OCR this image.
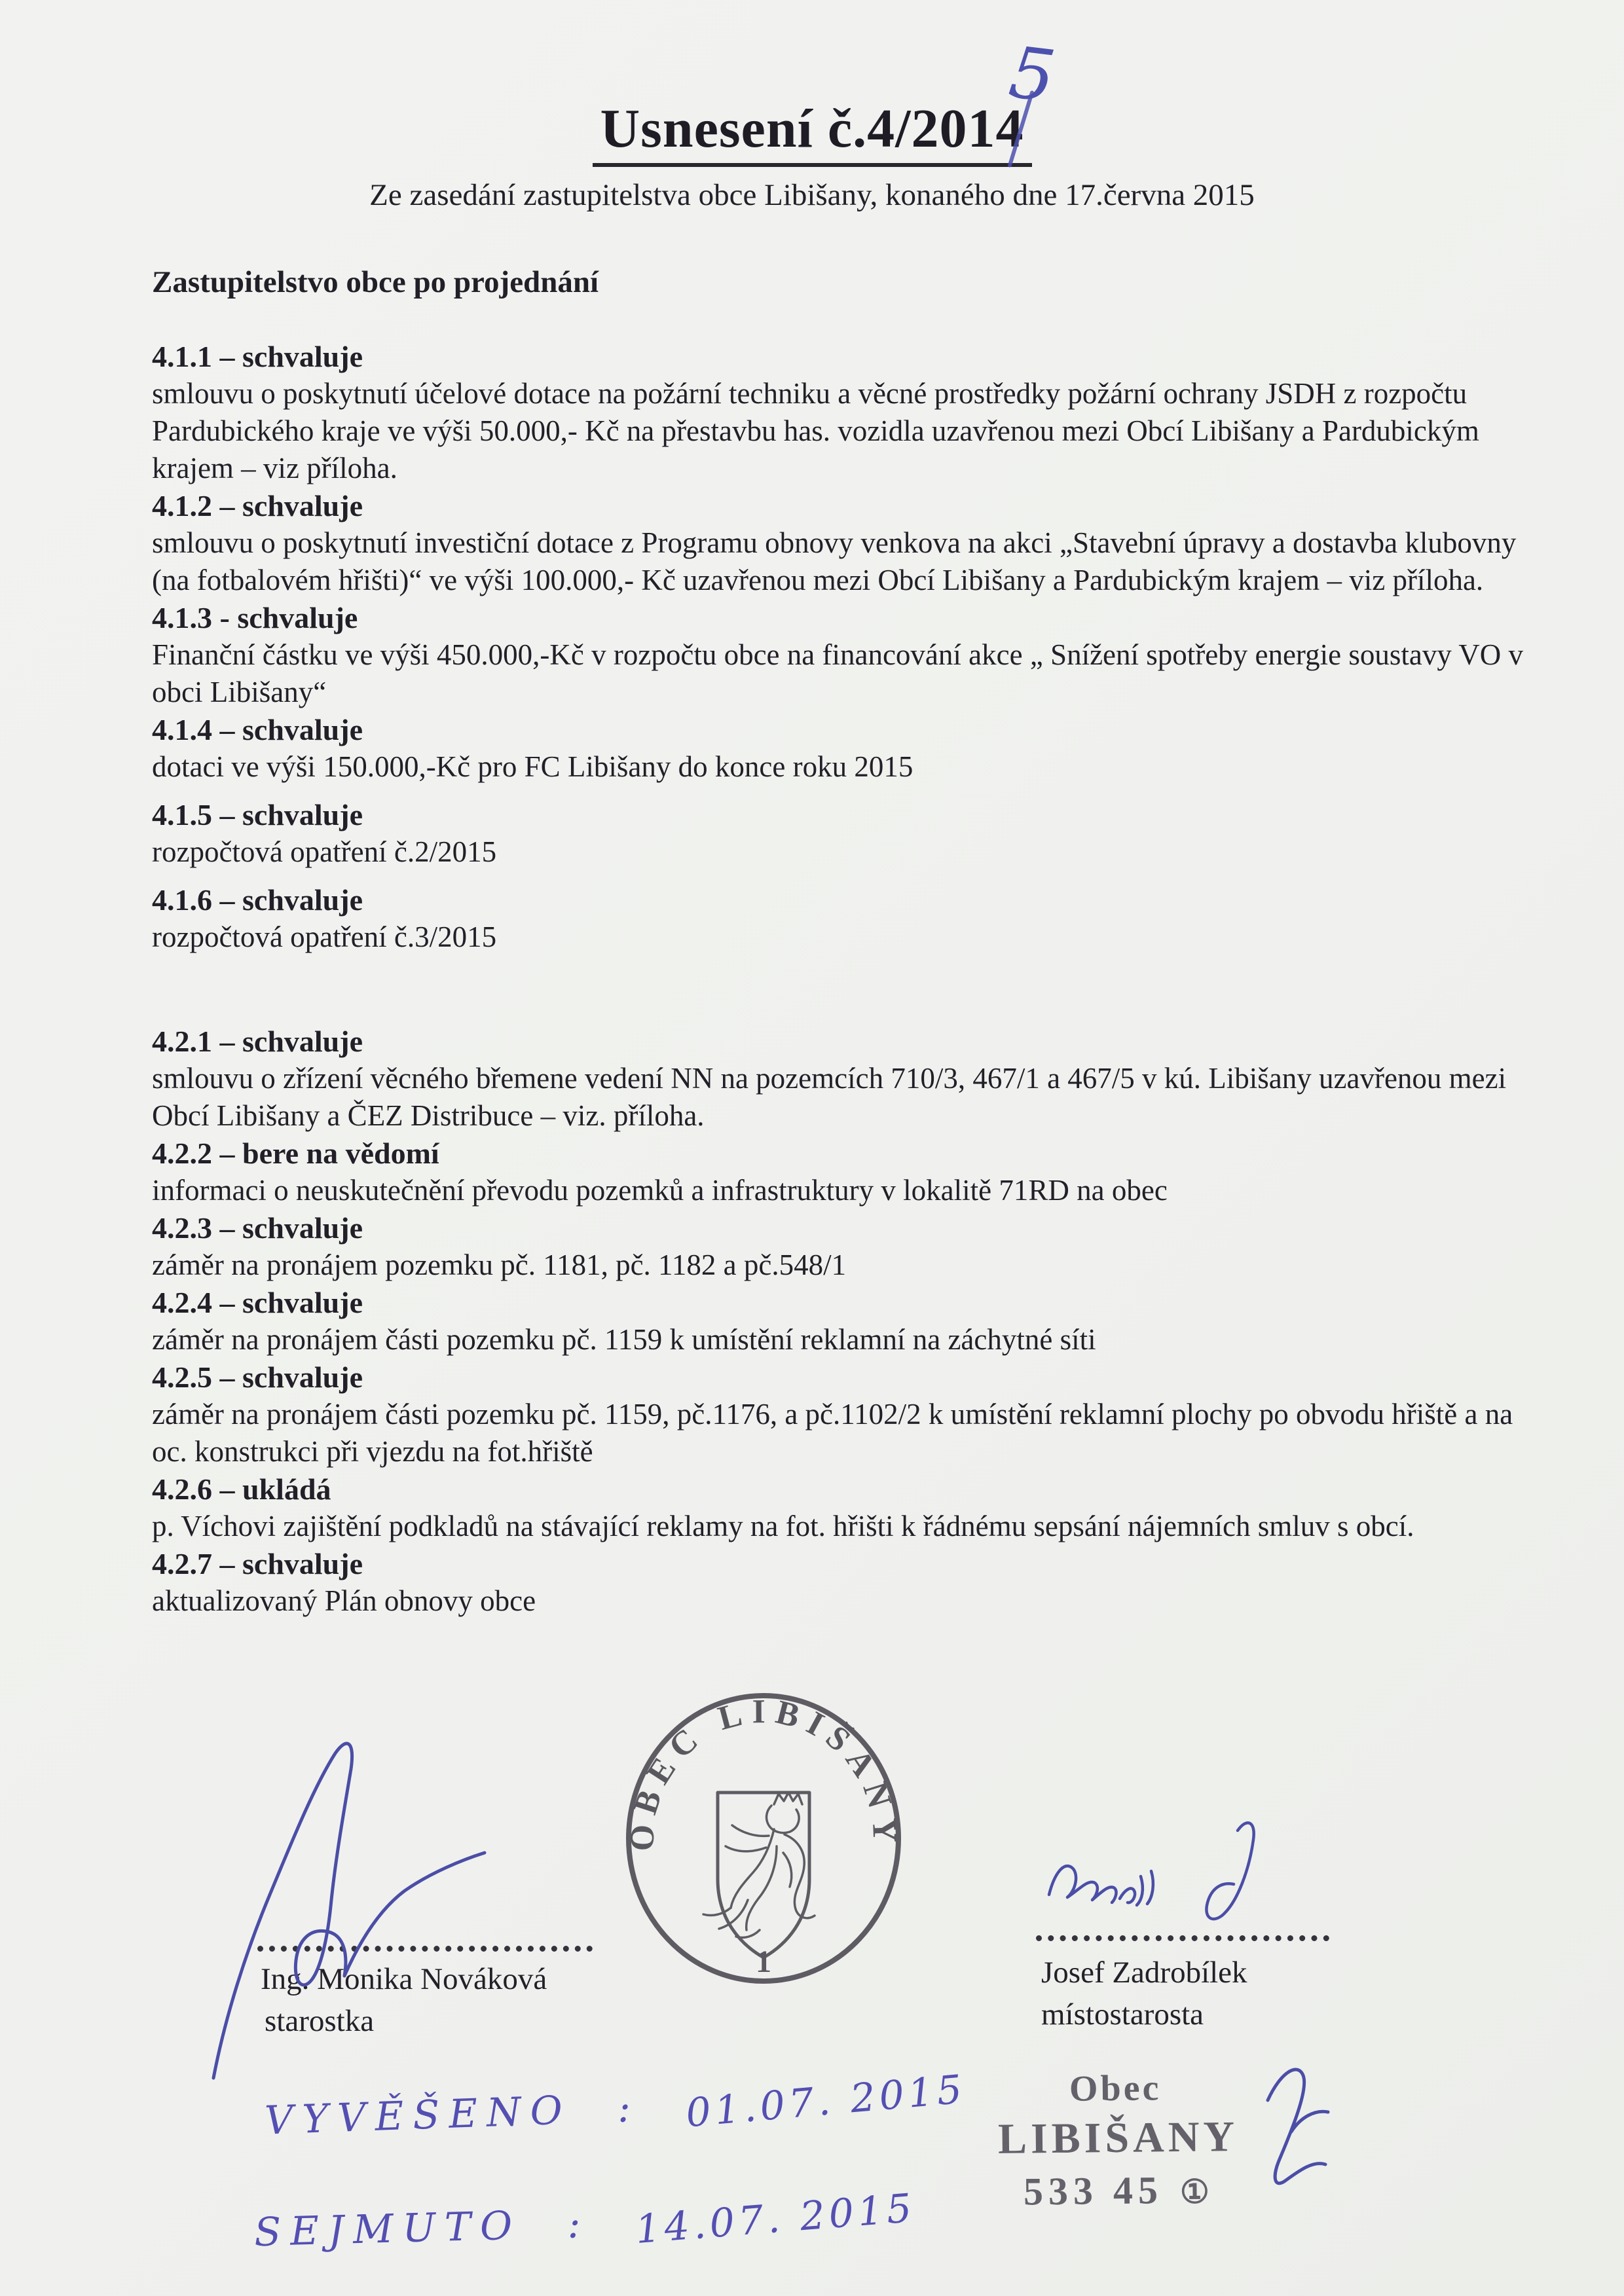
5
Usnesení č.4/2014
Ze zasedání zastupitelstva obce Libišany, konaného dne 17.června 2015
Zastupitelstvo obce po projednání
4.1.1 – schvaluje

smlouvu o poskytnutí účelové dotace na požární techniku a věcné prostředky požární ochrany JSDH z rozpočtu Pardubického kraje ve výši 50.000,- Kč na přestavbu has. vozidla uzavřenou mezi Obcí Libišany a Pardubickým krajem – viz příloha.

4.1.2 – schvaluje

smlouvu o poskytnutí investiční dotace z Programu obnovy venkova na akci „Stavební úpravy a dostavba klubovny (na fotbalovém hřišti)“ ve výši 100.000,- Kč uzavřenou mezi Obcí Libišany a Pardubickým krajem – viz příloha.

4.1.3 - schvaluje

Finanční částku ve výši 450.000,-Kč v rozpočtu obce na financování akce „ Snížení spotřeby energie soustavy VO v obci Libišany“

4.1.4 – schvaluje

dotaci ve výši 150.000,-Kč pro FC Libišany do konce roku 2015

4.1.5 – schvaluje

rozpočtová opatření č.2/2015

4.1.6 – schvaluje

rozpočtová opatření č.3/2015

4.2.1 – schvaluje

smlouvu o zřízení věcného břemene vedení NN na pozemcích 710/3, 467/1 a 467/5 v kú. Libišany uzavřenou mezi Obcí Libišany a ČEZ Distribuce – viz. příloha.

4.2.2 – bere na vědomí

informaci o neuskutečnění převodu pozemků a infrastruktury v lokalitě 71RD na obec

4.2.3 – schvaluje

záměr na pronájem pozemku pč. 1181, pč. 1182 a pč.548/1

4.2.4 – schvaluje

záměr na pronájem části pozemku pč. 1159 k umístění reklamní na záchytné síti

4.2.5 – schvaluje

záměr na pronájem části pozemku pč. 1159, pč.1176, a pč.1102/2 k umístění reklamní plochy po obvodu hřiště a na oc. konstrukci při vjezdu na fot.hřiště

4.2.6 – ukládá

p. Víchovi zajištění podkladů na stávající reklamy na fot. hřišti k řádnému sepsání nájemních smluv s obcí.

4.2.7 – schvaluje

aktualizovaný Plán obnovy obce

OBEC LIBIŠANY
1
Ing. Monika Nováková
starostka
Josef Zadrobílek
místostarosta
VYVĚŠENO : 01.07. 2015
SEJMUTO : 14.07. 2015
Obec
LIBIŠANY
533 45 ①
